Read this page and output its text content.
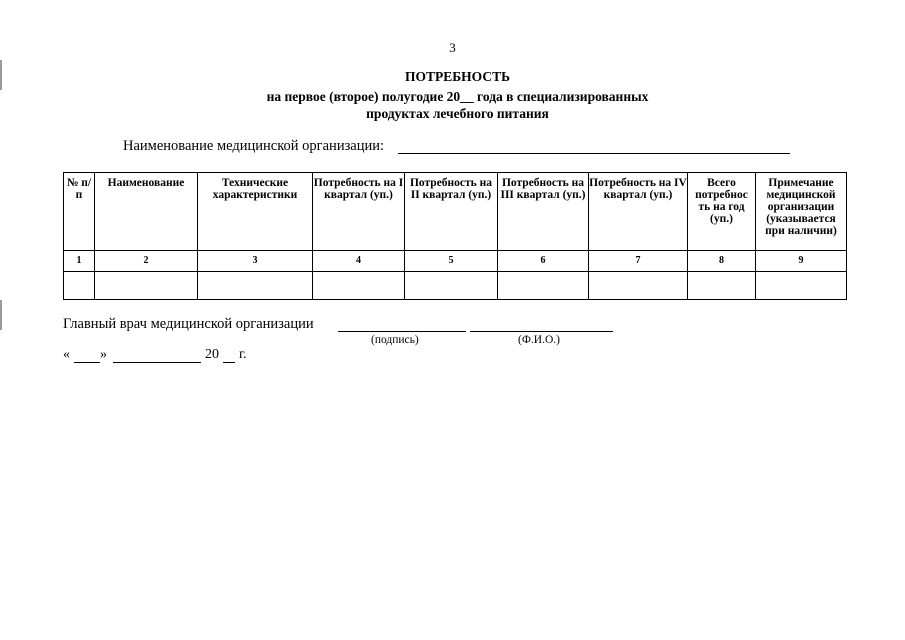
3
ПОТРЕБНОСТЬ
на первое (второе) полугодие 20__ года в специализированных
продуктах лечебного питания
Наименование медицинской организации:
№ п/п	Наименование	Технические характеристики	Потребность на I квартал (уп.)	Потребность на II квартал (уп.)	Потребность на III квартал (уп.)	Потребность на IV квартал (уп.)	Всего потребнос ть на год (уп.)	Примечание медицинской организации (указывается при наличии)
1	2	3	4	5	6	7	8	9

Главный врач медицинской организации
(подпись)	(Ф.И.О.)
« »	20 г.
